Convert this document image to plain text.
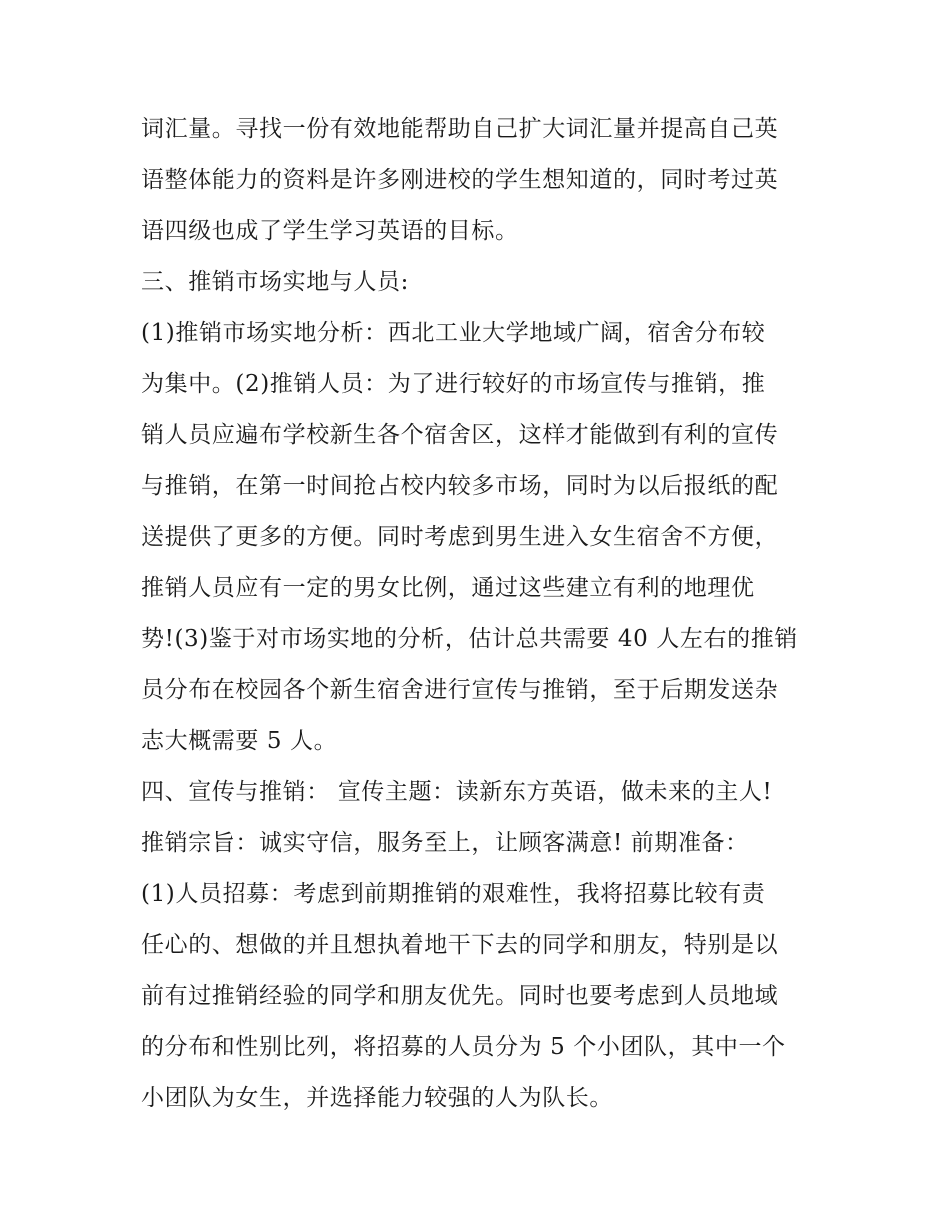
词汇量。寻找一份有效地能帮助自己扩大词汇量并提高自己英
语整体能力的资料是许多刚进校的学生想知道的，同时考过英
语四级也成了学生学习英语的目标。
三、推销市场实地与人员:
(1)推销市场实地分析：西北工业大学地域广阔，宿舍分布较
为集中。(2)推销人员：为了进行较好的市场宣传与推销，推
销人员应遍布学校新生各个宿舍区，这样才能做到有利的宣传
与推销，在第一时间抢占校内较多市场，同时为以后报纸的配
送提供了更多的方便。同时考虑到男生进入女生宿舍不方便，
推销人员应有一定的男女比例，通过这些建立有利的地理优
势!(3)鉴于对市场实地的分析，估计总共需要 40 人左右的推销
员分布在校园各个新生宿舍进行宣传与推销，至于后期发送杂
志大概需要 5 人。
四、宣传与推销： 宣传主题：读新东方英语，做未来的主人!
推销宗旨：诚实守信，服务至上，让顾客满意! 前期准备：
(1)人员招募：考虑到前期推销的艰难性，我将招募比较有责
任心的、想做的并且想执着地干下去的同学和朋友，特别是以
前有过推销经验的同学和朋友优先。同时也要考虑到人员地域
的分布和性别比列，将招募的人员分为 5 个小团队，其中一个
小团队为女生，并选择能力较强的人为队长。
